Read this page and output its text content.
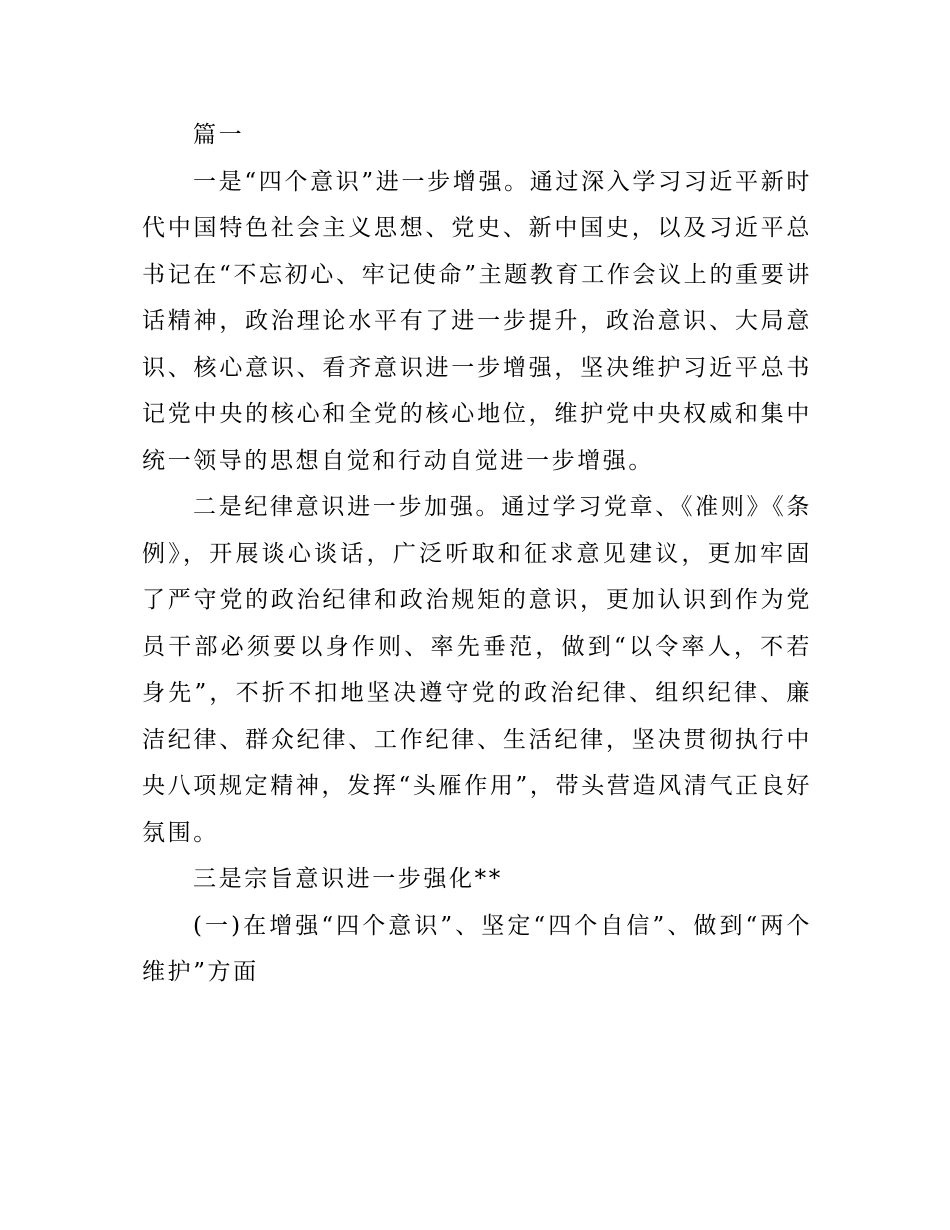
篇一

一是“四个意识”进一步增强。通过深入学习习近平新时代中国特色社会主义思想、党史、新中国史，以及习近平总书记在“不忘初心、牢记使命”主题教育工作会议上的重要讲话精神，政治理论水平有了进一步提升，政治意识、大局意识、核心意识、看齐意识进一步增强，坚决维护习近平总书记党中央的核心和全党的核心地位，维护党中央权威和集中统一领导的思想自觉和行动自觉进一步增强。

二是纪律意识进一步加强。通过学习党章、《准则》《条例》，开展谈心谈话，广泛听取和征求意见建议，更加牢固了严守党的政治纪律和政治规矩的意识，更加认识到作为党员干部必须要以身作则、率先垂范，做到“以令率人，不若身先”，不折不扣地坚决遵守党的政治纪律、组织纪律、廉洁纪律、群众纪律、工作纪律、生活纪律，坚决贯彻执行中央八项规定精神，发挥“头雁作用”，带头营造风清气正良好氛围。

三是宗旨意识进一步强化**

(一)在增强“四个意识”、坚定“四个自信”、做到“两个维护”方面
